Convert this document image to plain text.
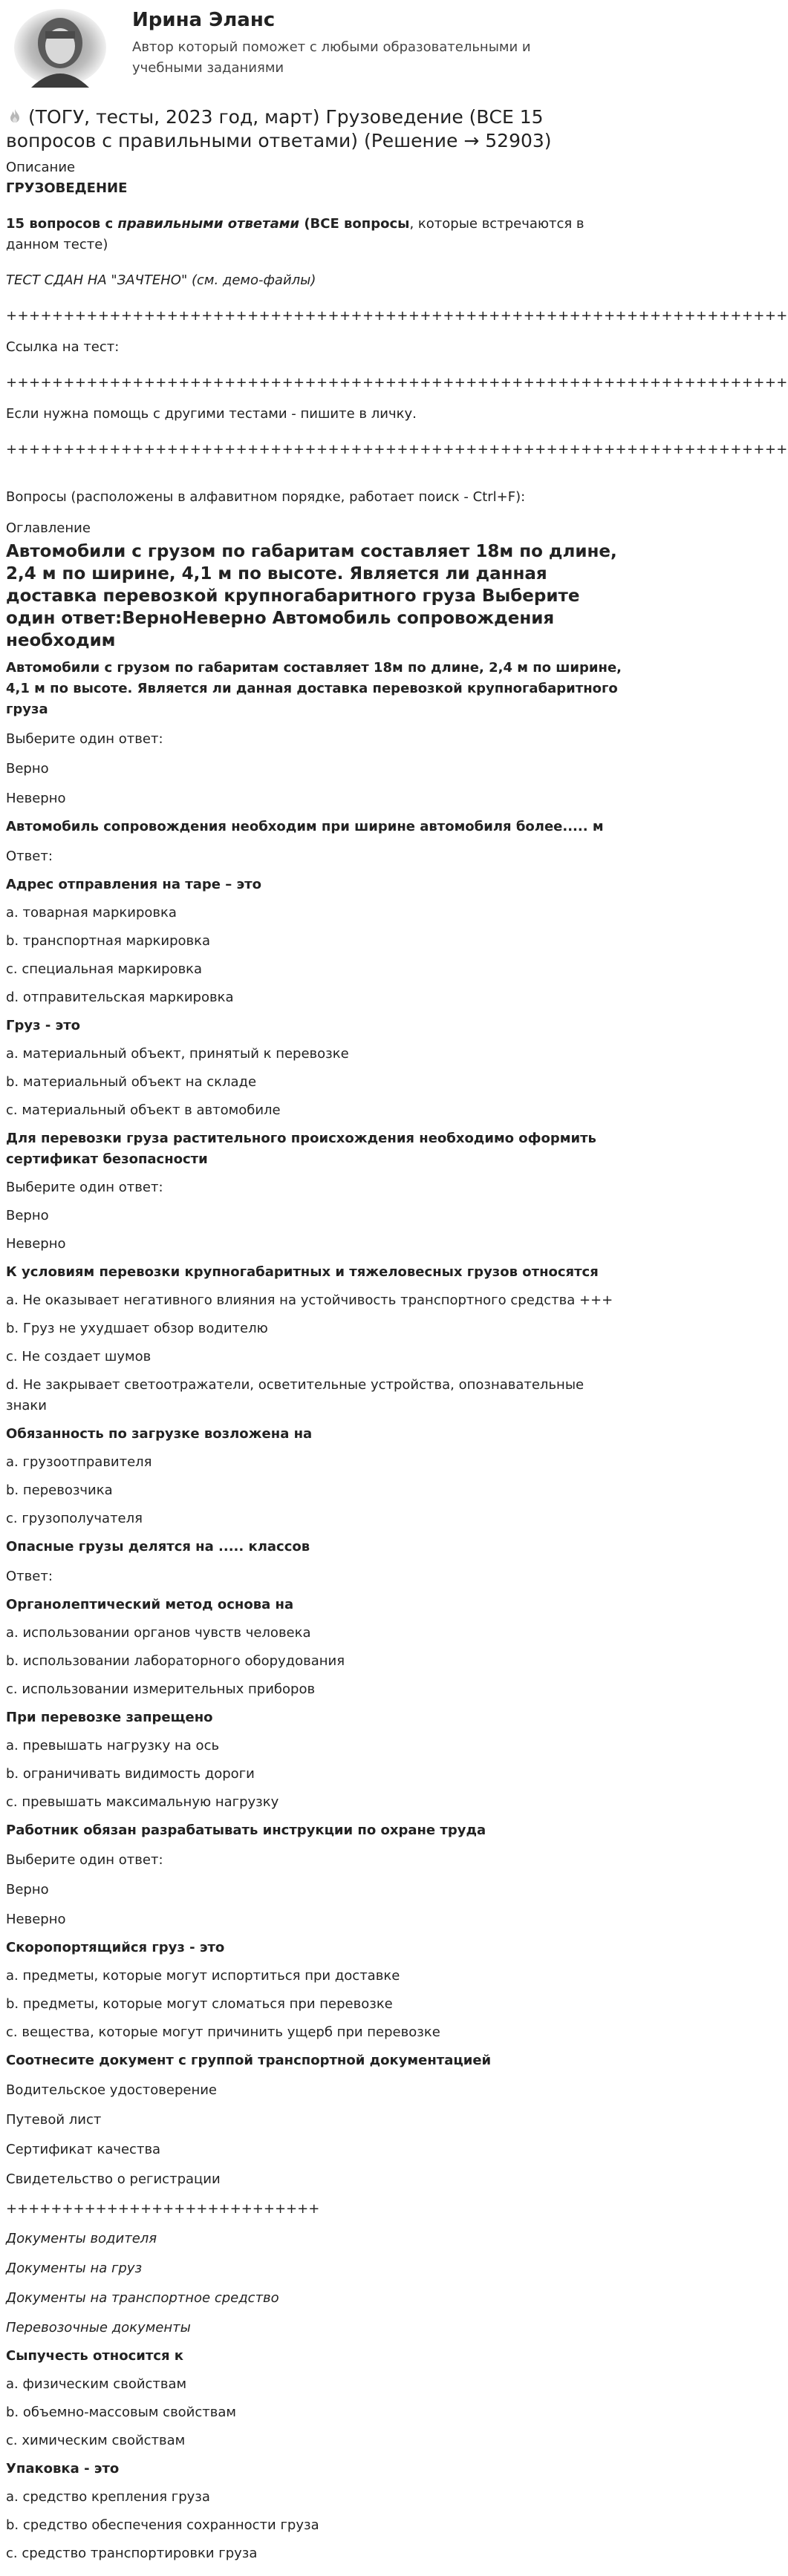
Ирина Эланс
Автор который поможет с любыми образовательными и учебными заданиями
(ТОГУ, тесты, 2023 год, март) Грузоведение (ВСЕ 15 вопросов с правильными ответами) (Решение → 52903)
Описание
ГРУЗОВЕДЕНИЕ
15 вопросов с правильными ответами (ВСЕ вопросы, которые встречаются в данном тесте)
ТЕСТ СДАН НА "ЗАЧТЕНО" (см. демо-файлы)
++++++++++++++++++++++++++++++++++++++++++++++++++++++++++++++++++++
Ссылка на тест:
++++++++++++++++++++++++++++++++++++++++++++++++++++++++++++++++++++
Если нужна помощь с другими тестами - пишите в личку.
++++++++++++++++++++++++++++++++++++++++++++++++++++++++++++++++++++
Вопросы (расположены в алфавитном порядке, работает поиск - Ctrl+F):
Оглавление
Автомобили с грузом по габаритам составляет 18м по длине, 2,4 м по ширине, 4,1 м по высоте. Является ли данная доставка перевозкой крупногабаритного груза Выберите один ответ:ВерноНеверно Автомобиль сопровождения необходим
Автомобили с грузом по габаритам составляет 18м по длине, 2,4 м по ширине, 4,1 м по высоте. Является ли данная доставка перевозкой крупногабаритного груза
Выберите один ответ:
Верно
Неверно
Автомобиль сопровождения необходим при ширине автомобиля более..... м
Ответ:
Адрес отправления на таре – это
a. товарная маркировка
b. транспортная маркировка
c. специальная маркировка
d. отправительская маркировка
Груз - это
a. материальный объект, принятый к перевозке
b. материальный объект на складе
c. материальный объект в автомобиле
Для перевозки груза растительного происхождения необходимо оформить сертификат безопасности
Выберите один ответ:
Верно
Неверно
К условиям перевозки крупногабаритных и тяжеловесных грузов относятся
a. Не оказывает негативного влияния на устойчивость транспортного средства +++
b. Груз не ухудшает обзор водителю
c. Не создает шумов
d. Не закрывает светоотражатели, осветительные устройства, опознавательные знаки
Обязанность по загрузке возложена на
a. грузоотправителя
b. перевозчика
c. грузополучателя
Опасные грузы делятся на ..... классов
Ответ:
Органолептический метод основа на
a. использовании органов чувств человека
b. использовании лабораторного оборудования
c. использовании измерительных приборов
При перевозке запрещено
a. превышать нагрузку на ось
b. ограничивать видимость дороги
c. превышать максимальную нагрузку
Работник обязан разрабатывать инструкции по охране труда
Выберите один ответ:
Верно
Неверно
Скоропортящийся груз - это
a. предметы, которые могут испортиться при доставке
b. предметы, которые могут сломаться при перевозке
c. вещества, которые могут причинить ущерб при перевозке
Соотнесите документ с группой транспортной документацией
Водительское удостоверение
Путевой лист
Сертификат качества
Свидетельство о регистрации
++++++++++++++++++++++++++++
Документы водителя
Документы на груз
Документы на транспортное средство
Перевозочные документы
Сыпучесть относится к
a. физическим свойствам
b. объемно-массовым свойствам
c. химическим свойствам
Упаковка - это
a. средство крепления груза
b. средство обеспечения сохранности груза
c. средство транспортировки груза
